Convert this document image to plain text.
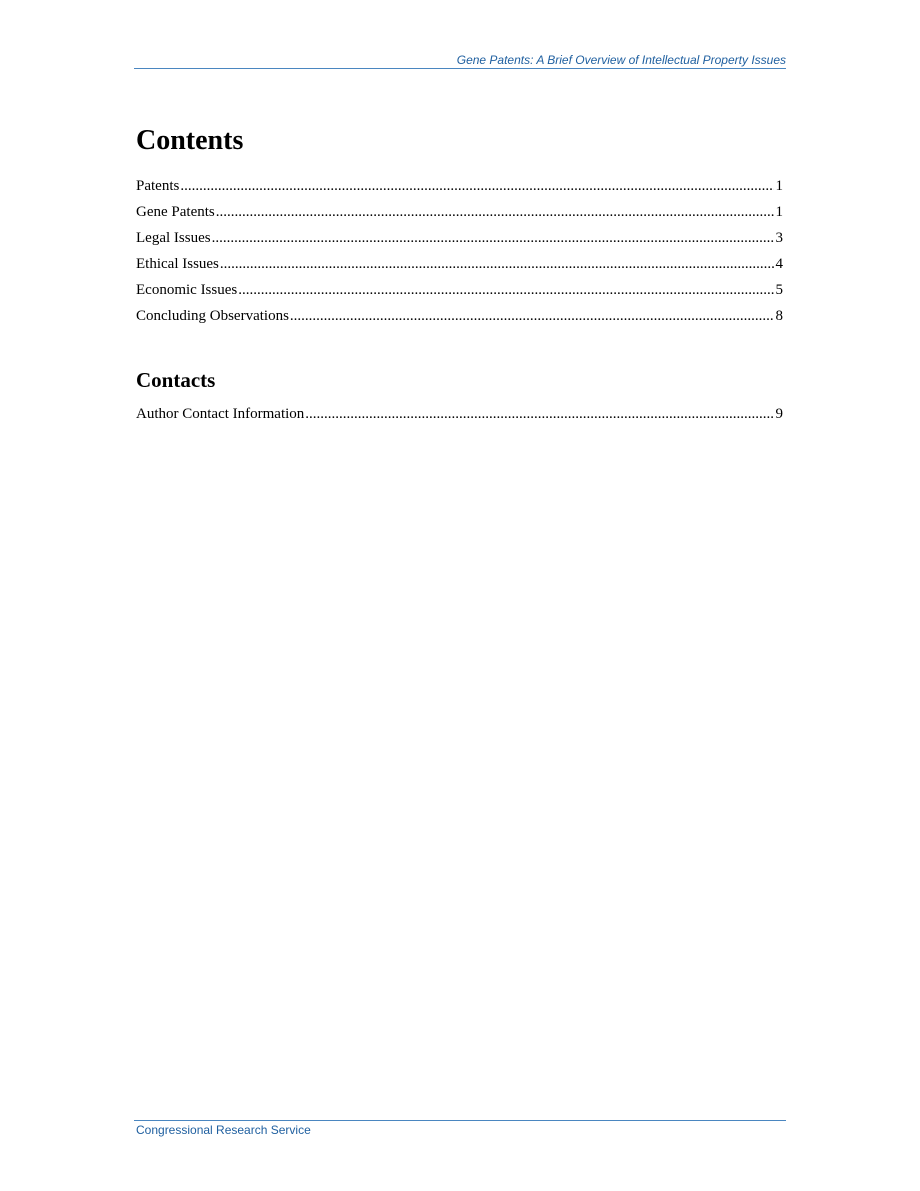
Gene Patents: A Brief Overview of Intellectual Property Issues
Contents
Patents .....	1
Gene Patents .....	1
Legal Issues .....	3
Ethical Issues .....	4
Economic Issues .....	5
Concluding Observations .....	8
Contacts
Author Contact Information .....	9
Congressional Research Service
